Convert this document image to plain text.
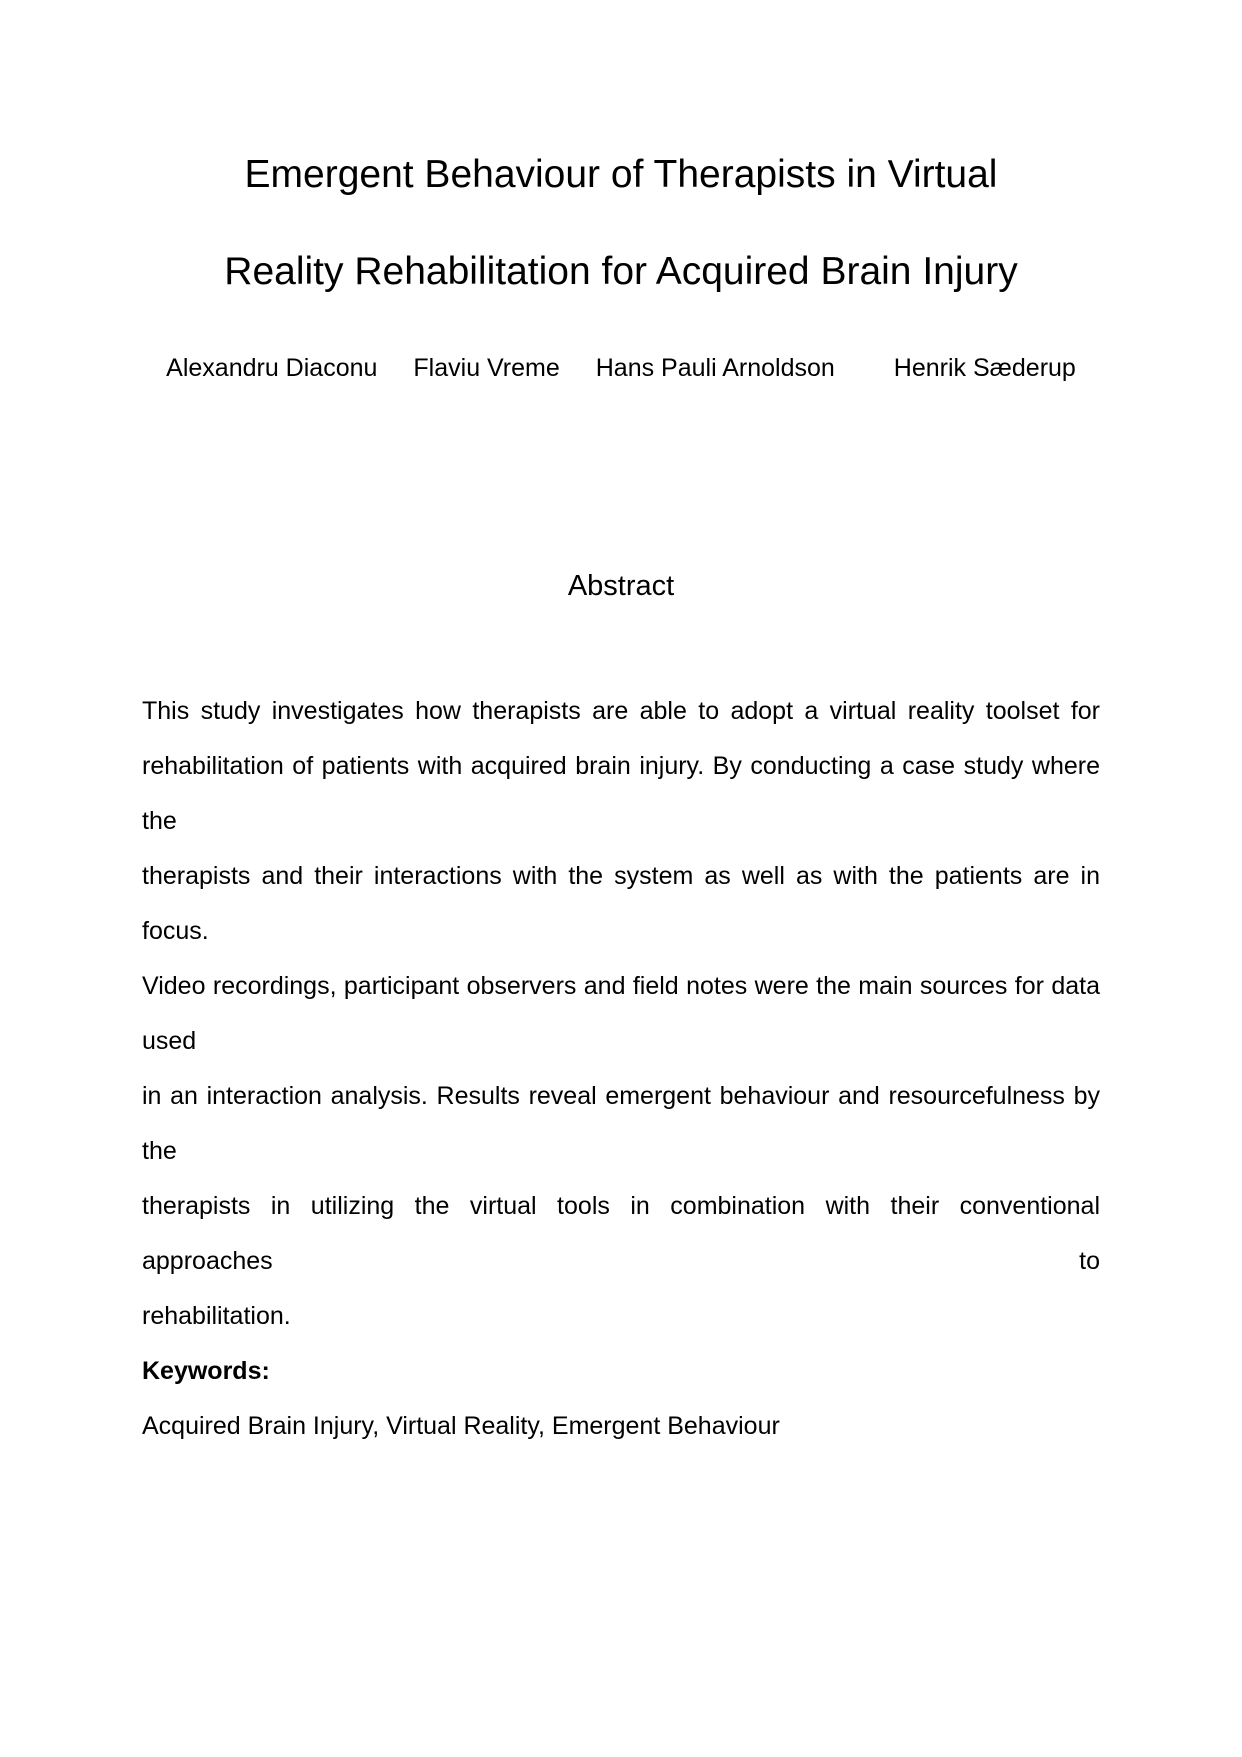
Emergent Behaviour of Therapists in Virtual
Reality Rehabilitation for Acquired Brain Injury
Alexandru Diaconu Flaviu Vreme Hans Pauli Arnoldson Henrik Sæderup
Abstract
This study investigates how therapists are able to adopt a virtual reality toolset for
rehabilitation of patients with acquired brain injury. By conducting a case study where the
therapists and their interactions with the system as well as with the patients are in focus.
Video recordings, participant observers and field notes were the main sources for data used
in an interaction analysis. Results reveal emergent behaviour and resourcefulness by the
therapists in utilizing the virtual tools in combination with their conventional approaches to
rehabilitation.
Keywords:
Acquired Brain Injury, Virtual Reality, Emergent Behaviour
